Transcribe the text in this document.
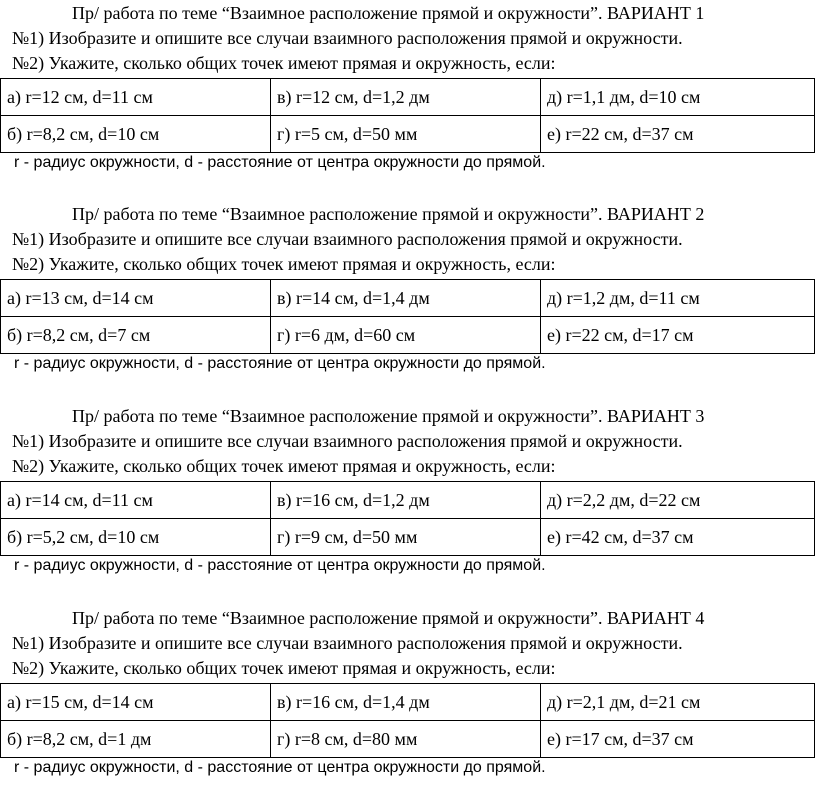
Пр/ работа по теме “Взаимное расположение прямой и окружности”. ВАРИАНТ 1
№1) Изобразите и опишите все случаи взаимного расположения прямой и окружности.
№2) Укажите, сколько общих точек имеют прямая и окружность, если:
а) r=12 см, d=11 см	в) r=12 см, d=1,2 дм	д) r=1,1 дм, d=10 см
б) r=8,2 см, d=10 см	г) r=5 см, d=50 мм	е) r=22 см, d=37 см
r - радиус окружности, d - расстояние от центра окружности до прямой.
Пр/ работа по теме “Взаимное расположение прямой и окружности”. ВАРИАНТ 2
№1) Изобразите и опишите все случаи взаимного расположения прямой и окружности.
№2) Укажите, сколько общих точек имеют прямая и окружность, если:
а) r=13 см, d=14 см	в) r=14 см, d=1,4 дм	д) r=1,2 дм, d=11 см
б) r=8,2 см, d=7 см	г) r=6 дм, d=60 см	е) r=22 см, d=17 см
r - радиус окружности, d - расстояние от центра окружности до прямой.
Пр/ работа по теме “Взаимное расположение прямой и окружности”. ВАРИАНТ 3
№1) Изобразите и опишите все случаи взаимного расположения прямой и окружности.
№2) Укажите, сколько общих точек имеют прямая и окружность, если:
а) r=14 см, d=11 см	в) r=16 см, d=1,2 дм	д) r=2,2 дм, d=22 см
б) r=5,2 см, d=10 см	г) r=9 см, d=50 мм	е) r=42 см, d=37 см
r - радиус окружности, d - расстояние от центра окружности до прямой.
Пр/ работа по теме “Взаимное расположение прямой и окружности”. ВАРИАНТ 4
№1) Изобразите и опишите все случаи взаимного расположения прямой и окружности.
№2) Укажите, сколько общих точек имеют прямая и окружность, если:
а) r=15 см, d=14 см	в) r=16 см, d=1,4 дм	д) r=2,1 дм, d=21 см
б) r=8,2 см, d=1 дм	г) r=8 см, d=80 мм	е) r=17 см, d=37 см
r - радиус окружности, d - расстояние от центра окружности до прямой.
